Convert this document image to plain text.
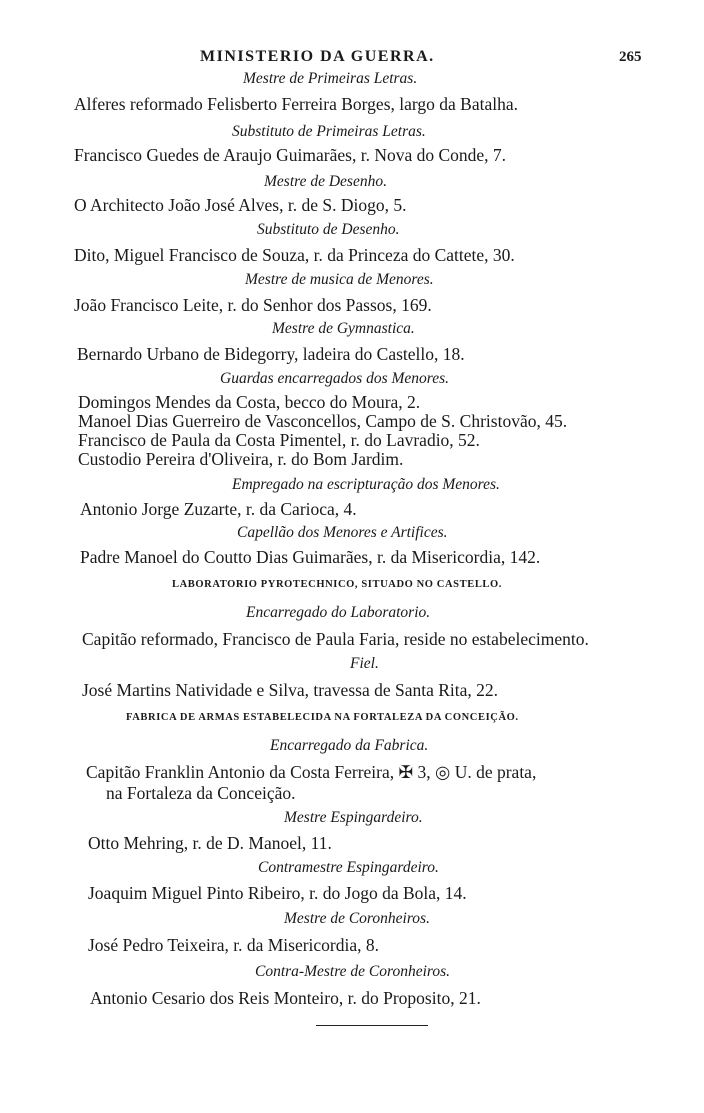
MINISTERIO DA GUERRA.	265
Mestre de Primeiras Letras.
Alferes reformado Felisberto Ferreira Borges, largo da Batalha.
Substituto de Primeiras Letras.
Francisco Guedes de Araujo Guimarães, r. Nova do Conde, 7.
Mestre de Desenho.
O Architecto João José Alves, r. de S. Diogo, 5.
Substituto de Desenho.
Dito, Miguel Francisco de Souza, r. da Princeza do Cattete, 30.
Mestre de musica de Menores.
João Francisco Leite, r. do Senhor dos Passos, 169.
Mestre de Gymnastica.
Bernardo Urbano de Bidegorry, ladeira do Castello, 18.
Guardas encarregados dos Menores.
Domingos Mendes da Costa, becco do Moura, 2.
Manoel Dias Guerreiro de Vasconcellos, Campo de S. Christovão, 45.
Francisco de Paula da Costa Pimentel, r. do Lavradio, 52.
Custodio Pereira d'Oliveira, r. do Bom Jardim.
Empregado na escripturação dos Menores.
Antonio Jorge Zuzarte, r. da Carioca, 4.
Capellão dos Menores e Artifices.
Padre Manoel do Coutto Dias Guimarães, r. da Misericordia, 142.
LABORATORIO PYROTECHNICO, SITUADO NO CASTELLO.
Encarregado do Laboratorio.
Capitão reformado, Francisco de Paula Faria, reside no estabelecimento.
Fiel.
José Martins Natividade e Silva, travessa de Santa Rita, 22.
FABRICA DE ARMAS ESTABELECIDA NA FORTALEZA DA CONCEIÇÃO.
Encarregado da Fabrica.
Capitão Franklin Antonio da Costa Ferreira, ✠ 3, ◎ U. de prata,
na Fortaleza da Conceição.
Mestre Espingardeiro.
Otto Mehring, r. de D. Manoel, 11.
Contramestre Espingardeiro.
Joaquim Miguel Pinto Ribeiro, r. do Jogo da Bola, 14.
Mestre de Coronheiros.
José Pedro Teixeira, r. da Misericordia, 8.
Contra-Mestre de Coronheiros.
Antonio Cesario dos Reis Monteiro, r. do Proposito, 21.
